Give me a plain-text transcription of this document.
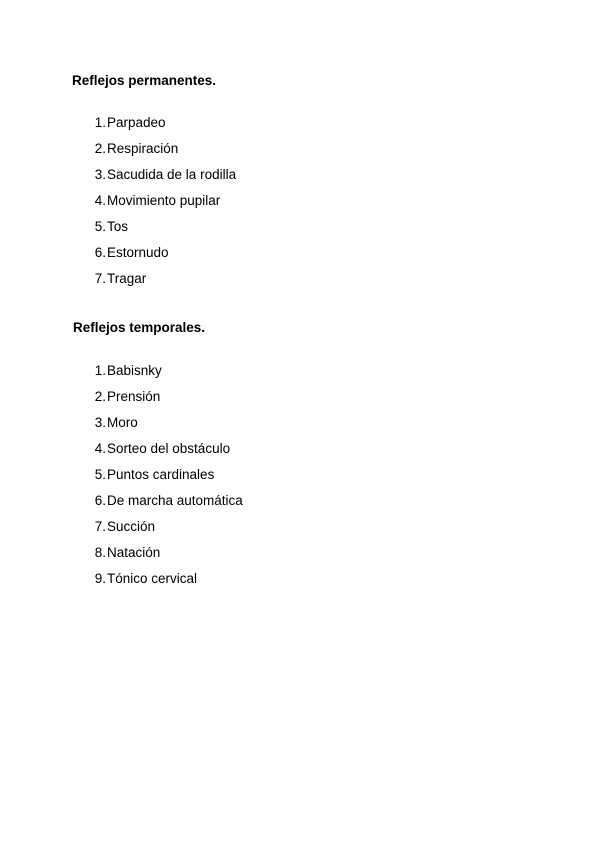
Reflejos permanentes.
1. Parpadeo
2. Respiración
3. Sacudida de la rodilla
4. Movimiento pupilar
5. Tos
6. Estornudo
7. Tragar
Reflejos temporales.
1. Babisnky
2. Prensión
3. Moro
4. Sorteo del obstáculo
5. Puntos cardinales
6. De marcha automática
7. Succión
8. Natación
9. Tónico cervical
